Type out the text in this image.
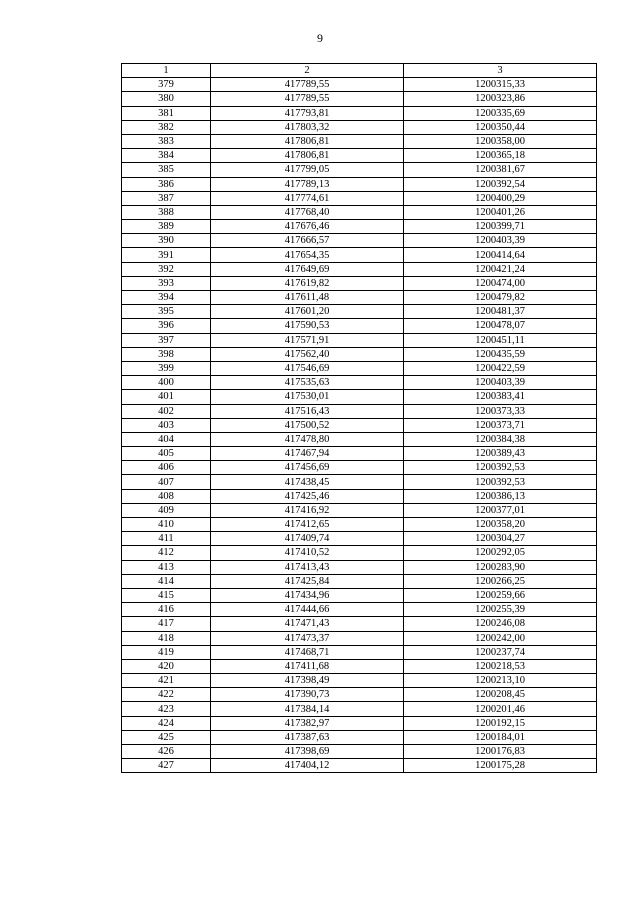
9
1	2	3
379	417789,55	1200315,33
380	417789,55	1200323,86
381	417793,81	1200335,69
382	417803,32	1200350,44
383	417806,81	1200358,00
384	417806,81	1200365,18
385	417799,05	1200381,67
386	417789,13	1200392,54
387	417774,61	1200400,29
388	417768,40	1200401,26
389	417676,46	1200399,71
390	417666,57	1200403,39
391	417654,35	1200414,64
392	417649,69	1200421,24
393	417619,82	1200474,00
394	417611,48	1200479,82
395	417601,20	1200481,37
396	417590,53	1200478,07
397	417571,91	1200451,11
398	417562,40	1200435,59
399	417546,69	1200422,59
400	417535,63	1200403,39
401	417530,01	1200383,41
402	417516,43	1200373,33
403	417500,52	1200373,71
404	417478,80	1200384,38
405	417467,94	1200389,43
406	417456,69	1200392,53
407	417438,45	1200392,53
408	417425,46	1200386,13
409	417416,92	1200377,01
410	417412,65	1200358,20
411	417409,74	1200304,27
412	417410,52	1200292,05
413	417413,43	1200283,90
414	417425,84	1200266,25
415	417434,96	1200259,66
416	417444,66	1200255,39
417	417471,43	1200246,08
418	417473,37	1200242,00
419	417468,71	1200237,74
420	417411,68	1200218,53
421	417398,49	1200213,10
422	417390,73	1200208,45
423	417384,14	1200201,46
424	417382,97	1200192,15
425	417387,63	1200184,01
426	417398,69	1200176,83
427	417404,12	1200175,28
